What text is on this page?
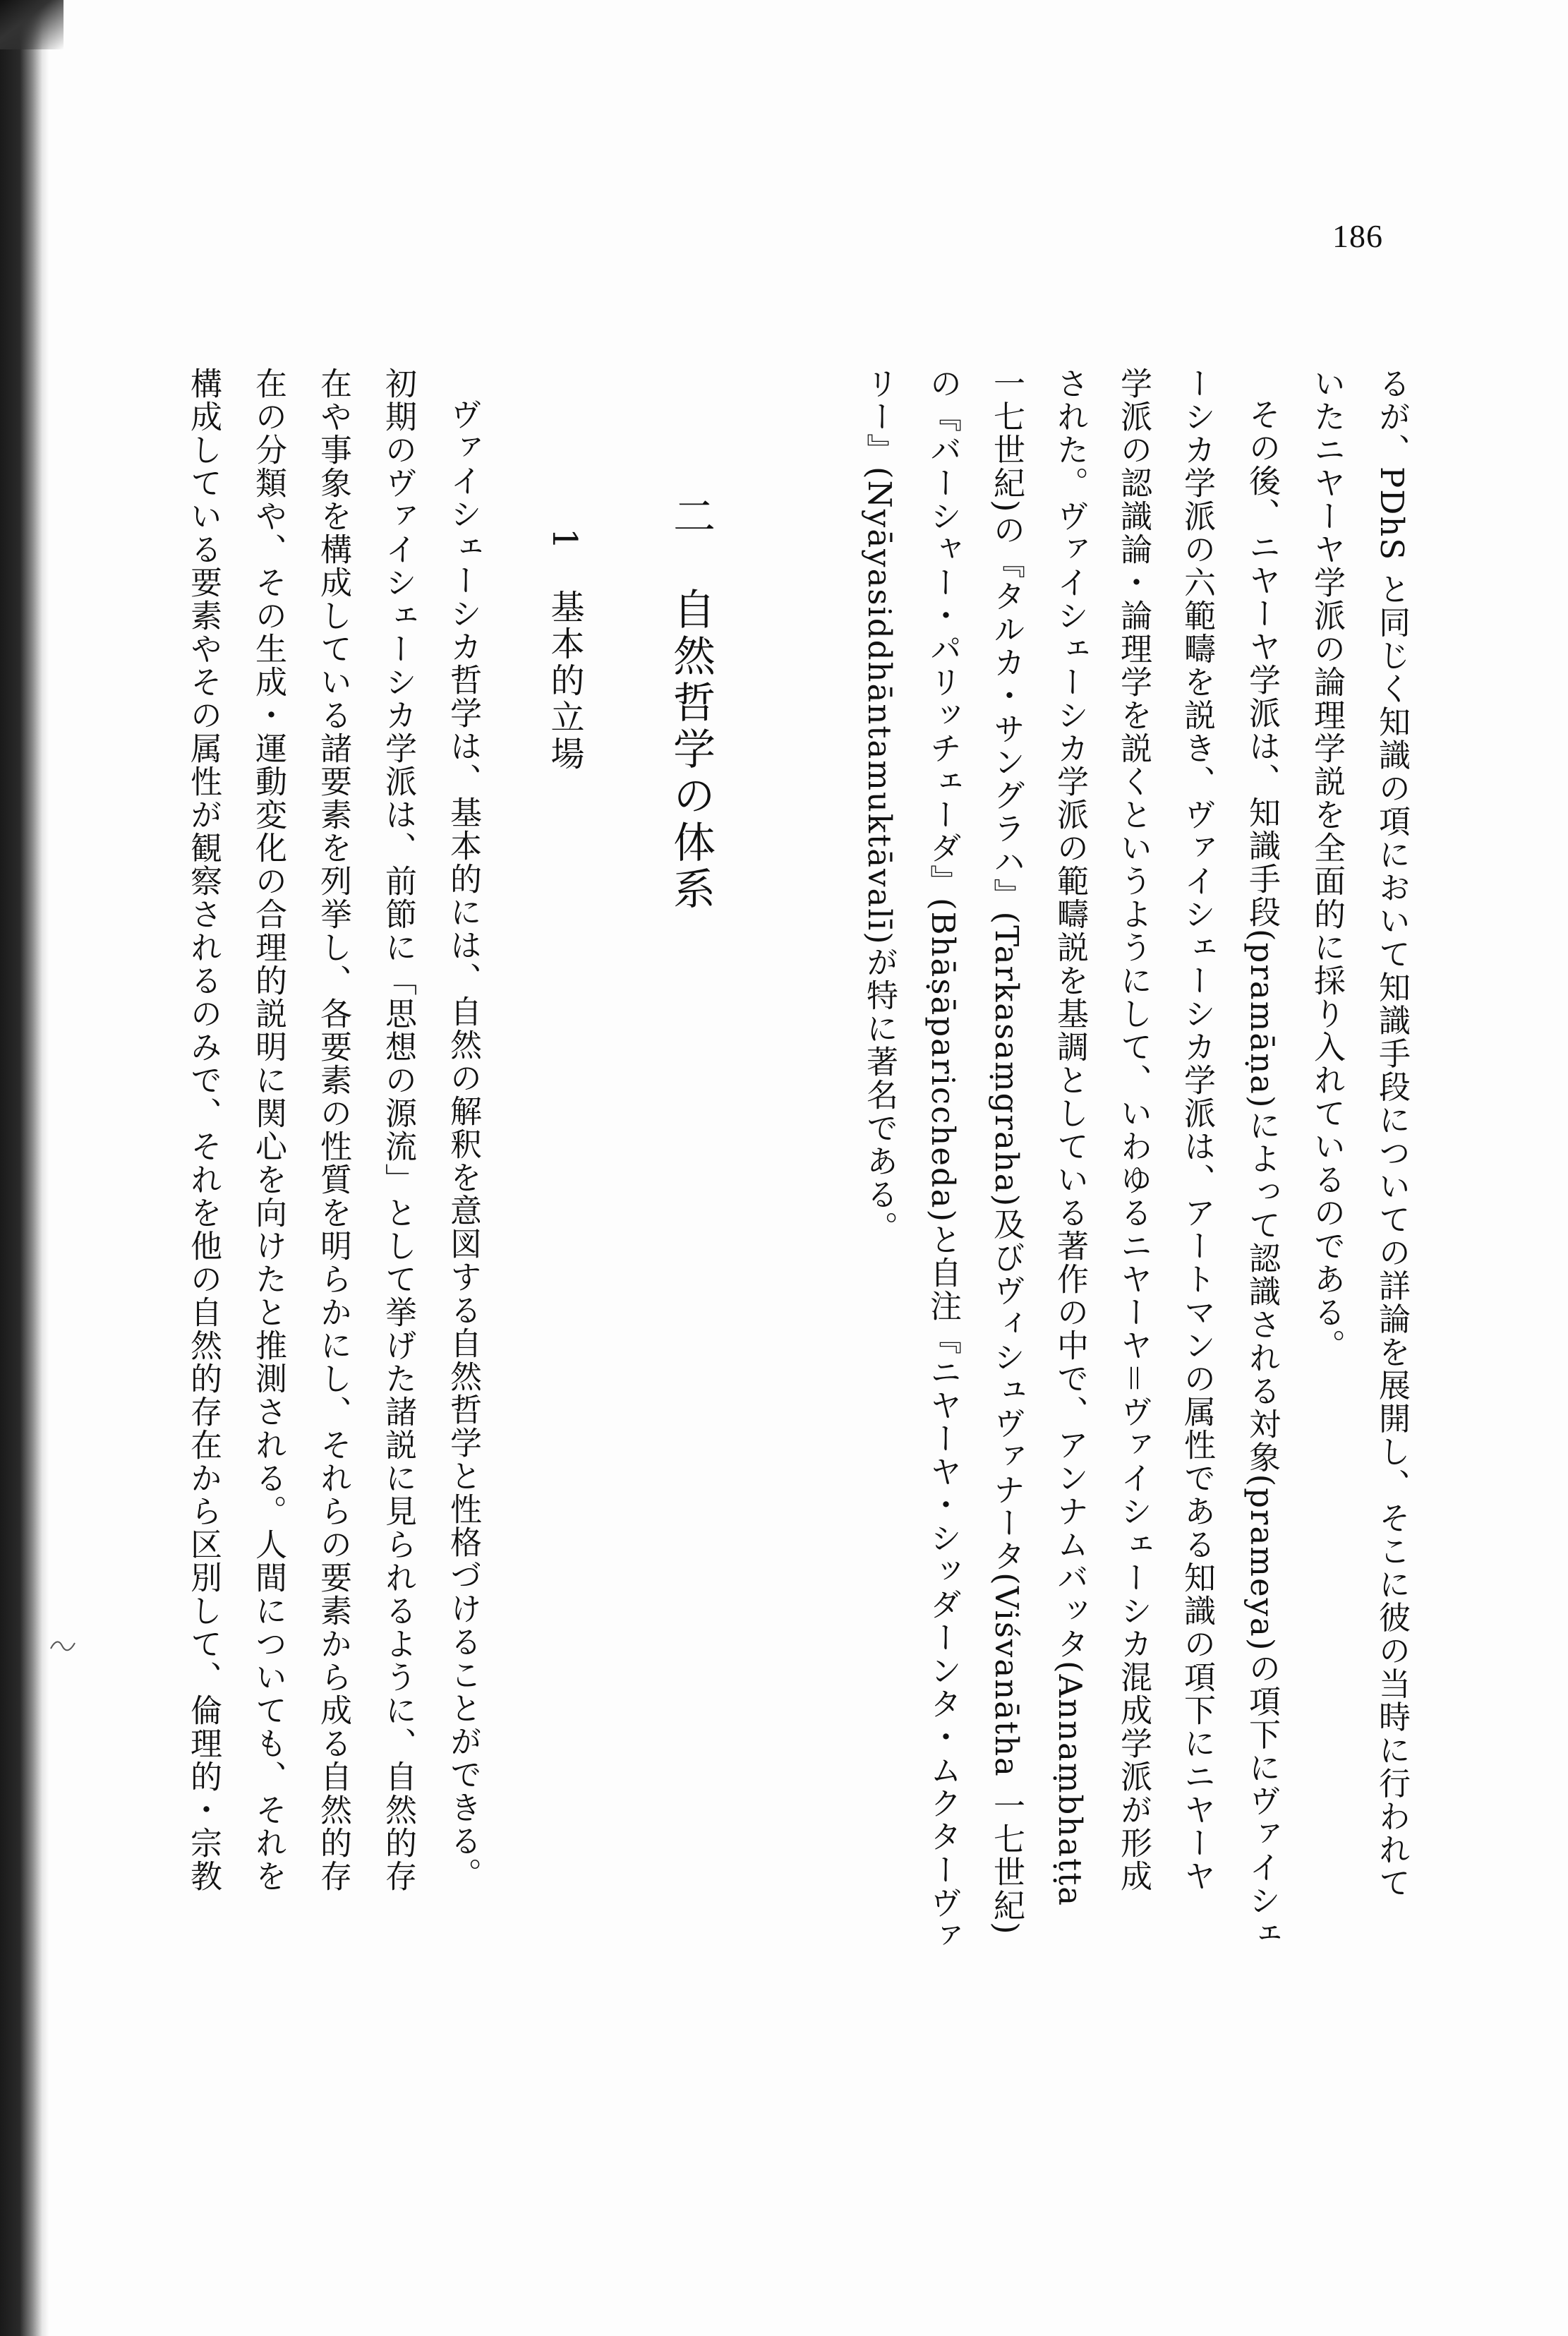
186
るが、PDhS と同じく知識の項において知識手段についての詳論を展開し、そこに彼の当時に行われて
いたニヤーヤ学派の論理学説を全面的に採り入れているのである。
その後、ニヤーヤ学派は、知識手段(pramāṇa)によって認識される対象(prameya)の項下にヴァイシェ
ーシカ学派の六範疇を説き、ヴァイシェーシカ学派は、アートマンの属性である知識の項下にニヤーヤ
学派の認識論・論理学を説くというようにして、いわゆるニヤーヤ＝ヴァイシェーシカ混成学派が形成
された。ヴァイシェーシカ学派の範疇説を基調としている著作の中で、アンナムバッタ(Annaṃbhaṭṭa
一七世紀)の『タルカ・サングラハ』(Tarkasaṃgraha)及びヴィシュヴァナータ(Viśvanātha 一七世紀)
の『バーシャー・パリッチェーダ』(Bhāṣāpariccheda)と自注『ニヤーヤ・シッダーンタ・ムクターヴァ
リー』(Nyāyasiddhāntamuktāvalī)が特に著名である。
二　自然哲学の体系
1　基本的立場
ヴァイシェーシカ哲学は、基本的には、自然の解釈を意図する自然哲学と性格づけることができる。
初期のヴァイシェーシカ学派は、前節に「思想の源流」として挙げた諸説に見られるように、自然的存
在や事象を構成している諸要素を列挙し、各要素の性質を明らかにし、それらの要素から成る自然的存
在の分類や、その生成・運動変化の合理的説明に関心を向けたと推測される。人間についても、それを
構成している要素やその属性が観察されるのみで、それを他の自然的存在から区別して、倫理的・宗教
